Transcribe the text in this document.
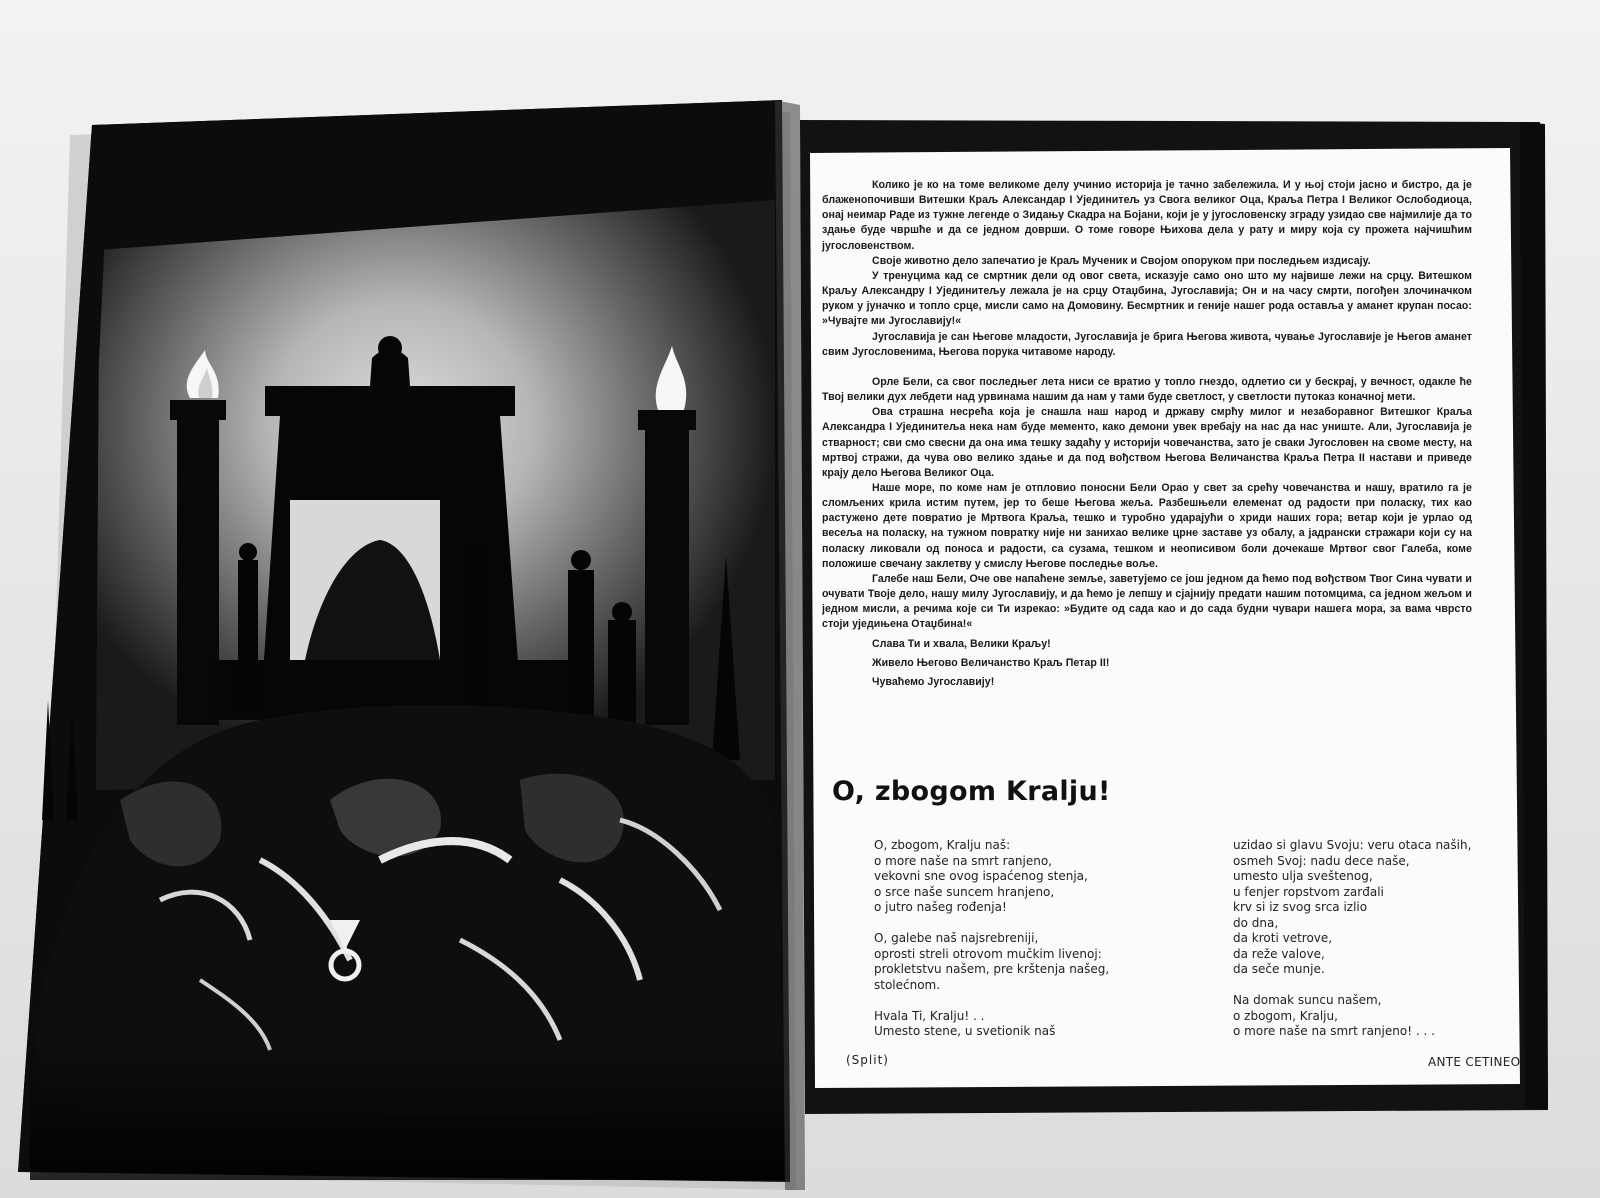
Колико је ко на томе великоме делу учинио историја је тачно забележила. И у њој стоји јасно и бистро, да је блаженопочивши Витешки Краљ Александар I Ујединитељ уз Свога великог Оца, Краља Петра I Великог Ослободиоца, онај неимар Раде из тужне легенде о Зидању Скадра на Бојани, који је у југословенску зграду узидао све најмилије да то здање буде чвршће и да се једном доврши. О томе говоре Њихова дела у рату и миру која су прожета најчишћим југословенством.

Своје животно дело запечатио је Краљ Мученик и Својом опоруком при последњем издисају.

У тренуцима кад се смртник дели од овог света, исказује само оно што му највише лежи на срцу. Витешком Краљу Александру I Ујединитељу лежала је на срцу Отаџбина, Југославија; Он и на часу смрти, погођен злочиначком руком у јуначко и топло срце, мисли само на Домовину. Бесмртник и геније нашег рода оставља у аманет крупан посао: »Чувајте ми Југославију!«

Југославија је сан Његове младости, Југославија је брига Његова живота, чување Југославије је Његов аманет свим Југословенима, Његова порука читавоме народу.

Орле Бели, са свог последњег лета ниси се вратио у топло гнездо, одлетио си у бескрај, у вечност, одакле ће Твој велики дух лебдети над урвинама нашим да нам у тами буде светлост, у светлости путоказ коначној мети.

Ова страшна несрећа која је снашла наш народ и државу смрћу милог и незаборавног Витешког Краља Александра I Ујединитеља нека нам буде мементо, како демони увек вребају на нас да нас униште. Али, Југославија је стварност; сви смо свесни да она има тешку задаћу у историји човечанства, зато је сваки Југословен на своме месту, на мртвој стражи, да чува ово велико здање и да под вођством Његова Величанства Краља Петра II настави и приведе крају дело Његова Великог Оца.

Наше море, по коме нам је отпловио поносни Бели Орао у свет за срећу човечанства и нашу, вратило га је сломљених крила истим путем, јер то беше Његова жеља. Разбешњели елеменат од радости при поласку, тих као растужено дете повратио је Мртвога Краља, тешко и туробно ударајући о хриди наших гора; ветар који је урлао од весеља на поласку, на тужном повратку није ни занихао велике црне заставе уз обалу, а јадрански стражари који су на поласку ликовали од поноса и радости, са сузама, тешком и неописивом боли дочекаше Мртвог свог Галеба, коме положише свечану заклетву у смислу Његове последње воље.

Галебе наш Бели, Оче ове напаћене земље, заветујемо се још једном да ћемо под вођством Твог Сина чувати и очувати Твоје дело, нашу милу Југославију, и да ћемо је лепшу и сјајнију предати нашим потомцима, са једном жељом и једном мисли, а речима које си Ти изрекао: »Будите од сада као и до сада будни чувари нашега мора, за вама чврсто стоји уједињена Отаџбина!«

Слава Ти и хвала, Велики Краљу!

Живело Његово Величанство Краљ Петар II!

Чуваћемо Југославију!

O, zbogom Kralju!
O, zbogom, Kralju naš:
o more naše na smrt ranjeno,
vekovni sne ovog ispaćenog stenja,
o srce naše suncem hranjeno,
o jutro našeg rođenja!
O, galebe naš najsrebreniji,
oprosti streli otrovom mučkim livenoj:
prokletstvu našem, pre krštenja našeg,
stolećnom.
Hvala Ti, Kralju! . .
Umesto stene, u svetionik naš
uzidao si glavu Svoju: veru otaca naših,
osmeh Svoj: nadu dece naše,
umesto ulja sveštenog,
u fenjer ropstvom zarđali
krv si iz svog srca izlio
do dna,
da kroti vetrove,
da reže valove,
da seče munje.
Na domak suncu našem,
o zbogom, Kralju,
o more naše na smrt ranjeno! . . .
(Split)	ANTE CETINEO
